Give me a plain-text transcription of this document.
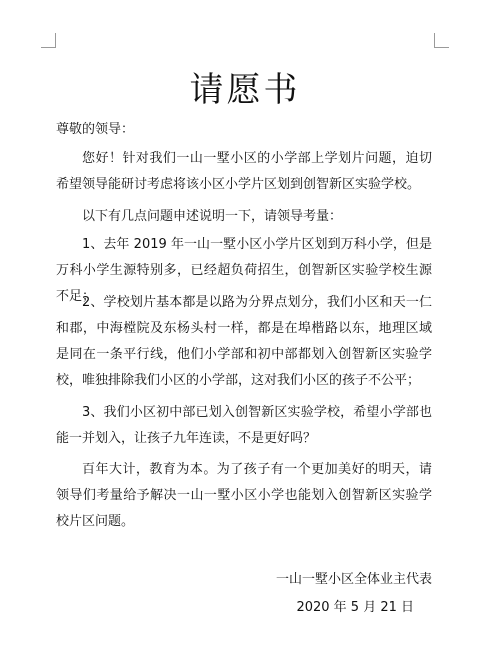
请愿书
尊敬的领导：
您好！针对我们一山一墅小区的小学部上学划片问题，迫切希望领导能研讨考虑将该小区小学片区划到创智新区实验学校。
以下有几点问题申述说明一下，请领导考量：
1、去年 2019 年一山一墅小区小学片区划到万科小学，但是万科小学生源特别多，已经超负荷招生，创智新区实验学校生源不足；
2、学校划片基本都是以路为分界点划分，我们小区和天一仁和郡，中海樘院及东杨头村一样，都是在埠楷路以东，地理区域是同在一条平行线，他们小学部和初中部都划入创智新区实验学校，唯独排除我们小区的小学部，这对我们小区的孩子不公平；
3、我们小区初中部已划入创智新区实验学校，希望小学部也能一并划入，让孩子九年连读，不是更好吗？
百年大计，教育为本。为了孩子有一个更加美好的明天，请领导们考量给予解决一山一墅小区小学也能划入创智新区实验学校片区问题。
一山一墅小区全体业主代表
2020 年 5 月 21 日
